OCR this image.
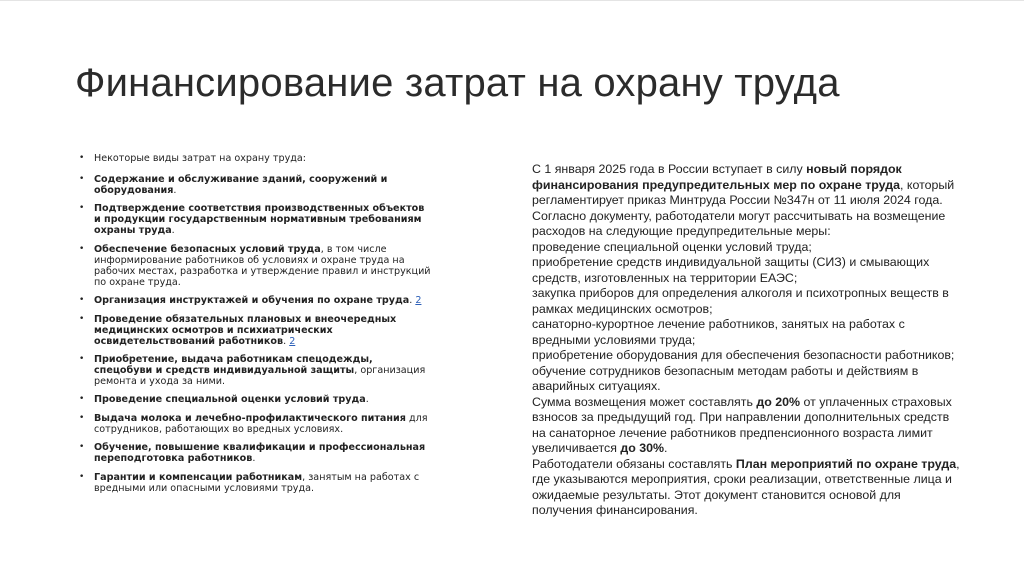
Финансирование затрат на охрану труда
• Некоторые виды затрат на охрану труда:
• Содержание и обслуживание зданий, сооружений и оборудования.
• Подтверждение соответствия производственных объектов и продукции государственным нормативным требованиям охраны труда.
• Обеспечение безопасных условий труда, в том числе информирование работников об условиях и охране труда на рабочих местах, разработка и утверждение правил и инструкций по охране труда.
• Организация инструктажей и обучения по охране труда. 2
• Проведение обязательных плановых и внеочередных медицинских осмотров и психиатрических освидетельствований работников. 2
• Приобретение, выдача работникам спецодежды, спецобуви и средств индивидуальной защиты, организация ремонта и ухода за ними.
• Проведение специальной оценки условий труда.
• Выдача молока и лечебно-профилактического питания для сотрудников, работающих во вредных условиях.
• Обучение, повышение квалификации и профессиональная переподготовка работников.
• Гарантии и компенсации работникам, занятым на работах с вредными или опасными условиями труда.

С 1 января 2025 года в России вступает в силу новый порядок финансирования предупредительных мер по охране труда, который регламентирует приказ Минтруда России №347н от 11 июля 2024 года.

Согласно документу, работодатели могут рассчитывать на возмещение расходов на следующие предупредительные меры:

проведение специальной оценки условий труда;

приобретение средств индивидуальной защиты (СИЗ) и смывающих средств, изготовленных на территории ЕАЭС;

закупка приборов для определения алкоголя и психотропных веществ в рамках медицинских осмотров;

санаторно-курортное лечение работников, занятых на работах с вредными условиями труда;

приобретение оборудования для обеспечения безопасности работников;

обучение сотрудников безопасным методам работы и действиям в аварийных ситуациях.

Сумма возмещения может составлять до 20% от уплаченных страховых взносов за предыдущий год. При направлении дополнительных средств на санаторное лечение работников предпенсионного возраста лимит увеличивается до 30%.

Работодатели обязаны составлять План мероприятий по охране труда, где указываются мероприятия, сроки реализации, ответственные лица и ожидаемые результаты. Этот документ становится основой для получения финансирования.
